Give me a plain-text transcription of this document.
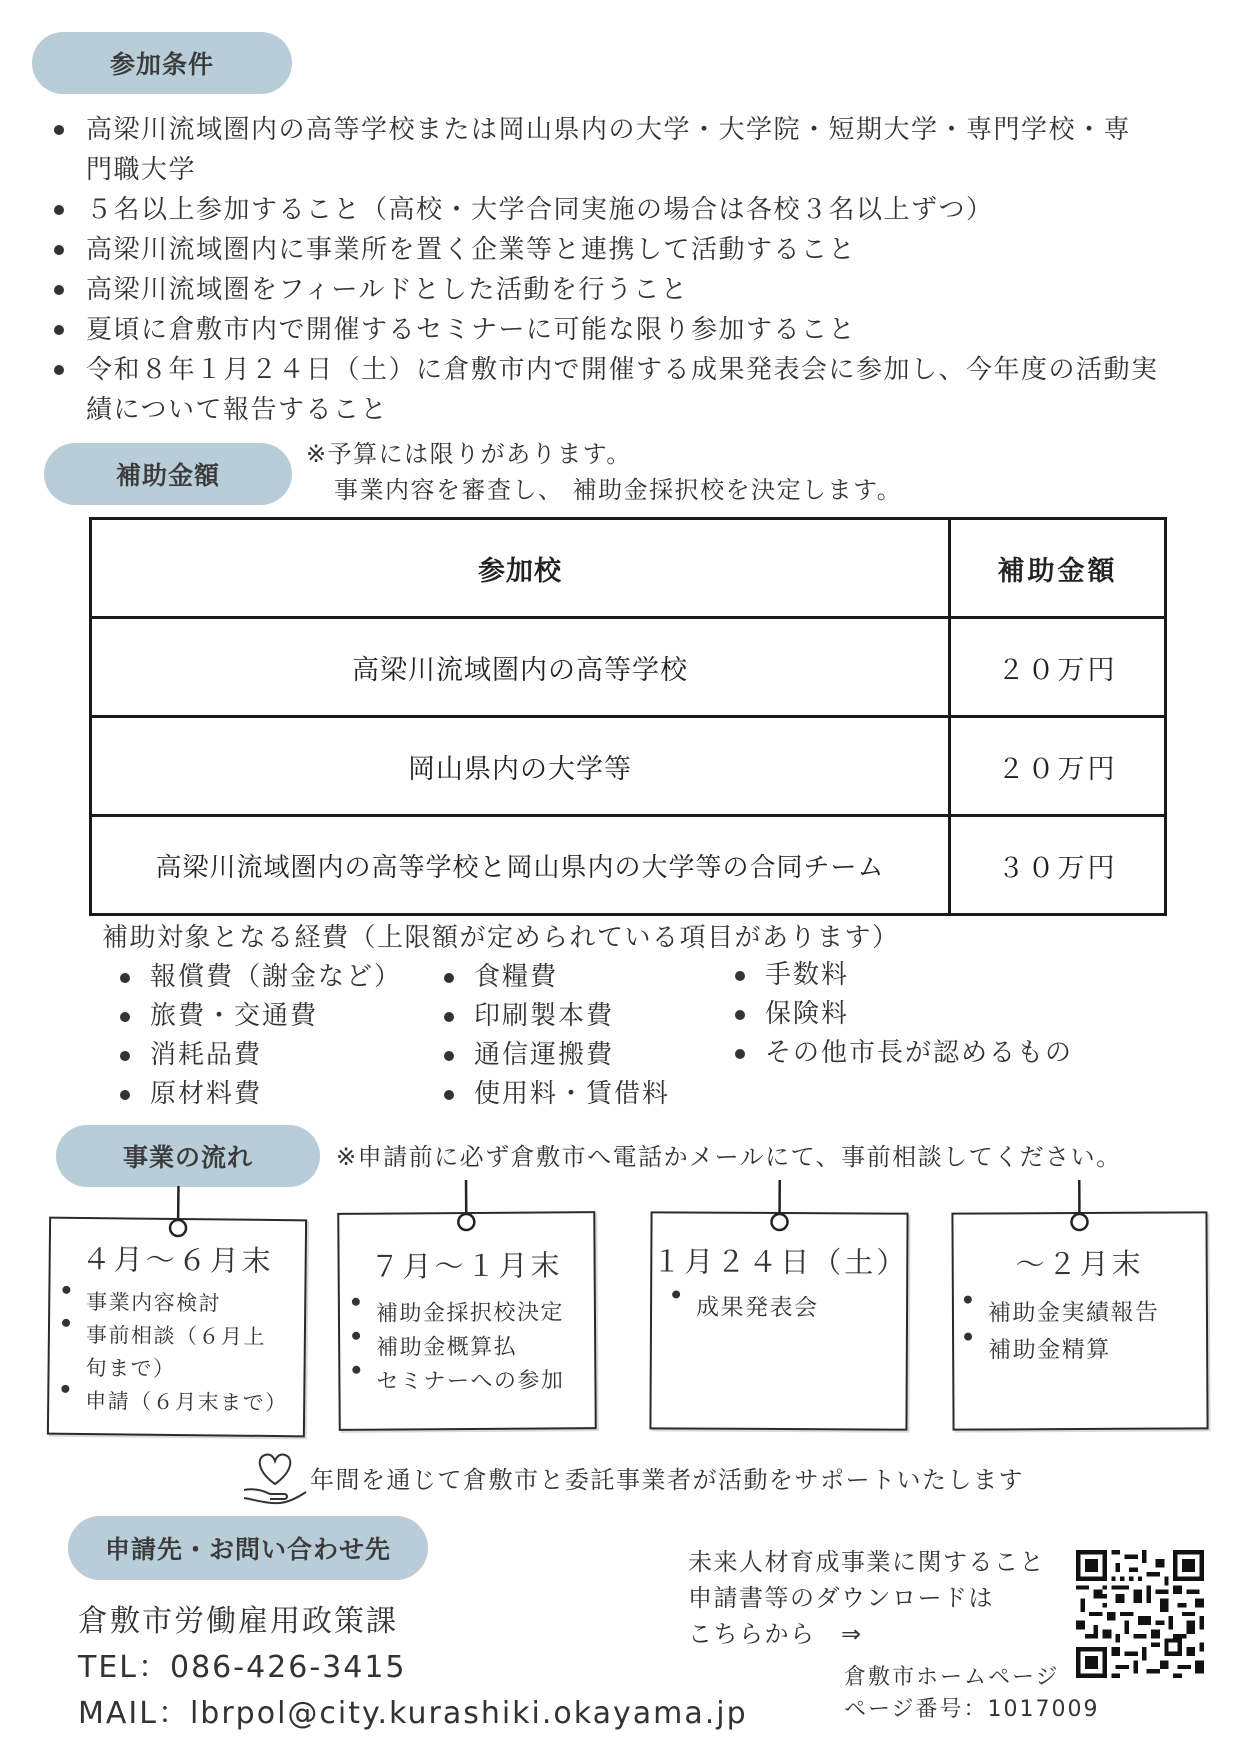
参加条件
高梁川流域圏内の高等学校または岡山県内の大学・大学院・短期大学・専門学校・専門職大学
５名以上参加すること（高校・大学合同実施の場合は各校３名以上ずつ）
高梁川流域圏内に事業所を置く企業等と連携して活動すること
高梁川流域圏をフィールドとした活動を行うこと
夏頃に倉敷市内で開催するセミナーに可能な限り参加すること
令和８年１月２４日（土）に倉敷市内で開催する成果発表会に参加し、今年度の活動実績について報告すること
補助金額
※予算には限りがあります。
事業内容を審査し、 補助金採択校を決定します。
参加校	補助金額
高梁川流域圏内の高等学校	２０万円
岡山県内の大学等	２０万円
高梁川流域圏内の高等学校と岡山県内の大学等の合同チーム	３０万円
補助対象となる経費（上限額が定められている項目があります）
報償費（謝金など）
旅費・交通費
消耗品費
原材料費
食糧費
印刷製本費
通信運搬費
使用料・賃借料
手数料
保険料
その他市長が認めるもの
事業の流れ	※申請前に必ず倉敷市へ電話かメールにて、事前相談してください。
４月〜６月末
事業内容検討
事前相談（６月上旬まで）
申請（６月末まで）
７月〜１月末
補助金採択校決定
補助金概算払
セミナーへの参加
１月２４日（土）
成果発表会
〜２月末
補助金実績報告
補助金精算
年間を通じて倉敷市と委託事業者が活動をサポートいたします
申請先・お問い合わせ先
倉敷市労働雇用政策課
TEL：086-426-3415
MAIL：lbrpol@city.kurashiki.okayama.jp
未来人材育成事業に関すること
申請書等のダウンロードは
こちらから　⇒
倉敷市ホームページ
ページ番号：1017009
